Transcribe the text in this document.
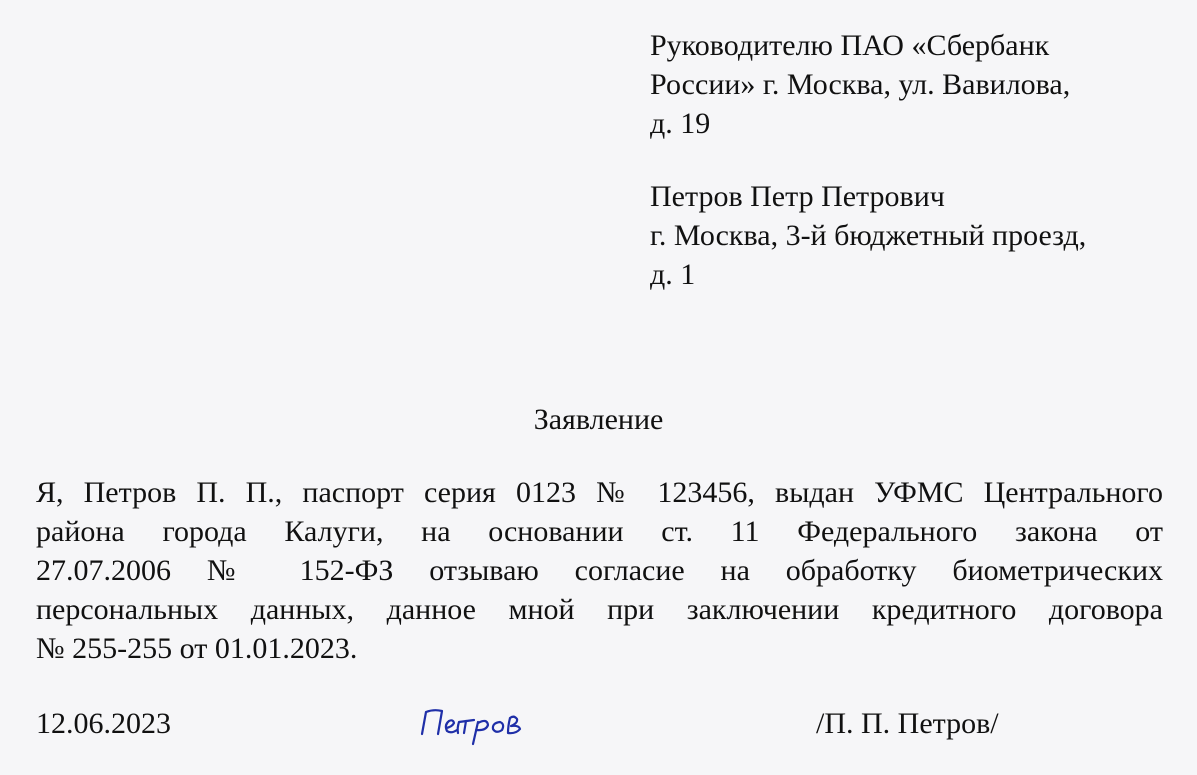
Руководителю ПАО «Сбербанк
России» г. Москва, ул. Вавилова,
д. 19
Петров Петр Петрович
г. Москва, 3-й бюджетный проезд,
д. 1
Заявление
Я, Петров П. П., паспорт серия 0123 № 123456, выдан УФМС Центрального
района города Калуги, на основании ст. 11 Федерального закона от
27.07.2006 № 152-ФЗ отзываю согласие на обработку биометрических
персональных данных, данное мной при заключении кредитного договора
№ 255-255 от 01.01.2023.
12.06.2023	/П. П. Петров/
